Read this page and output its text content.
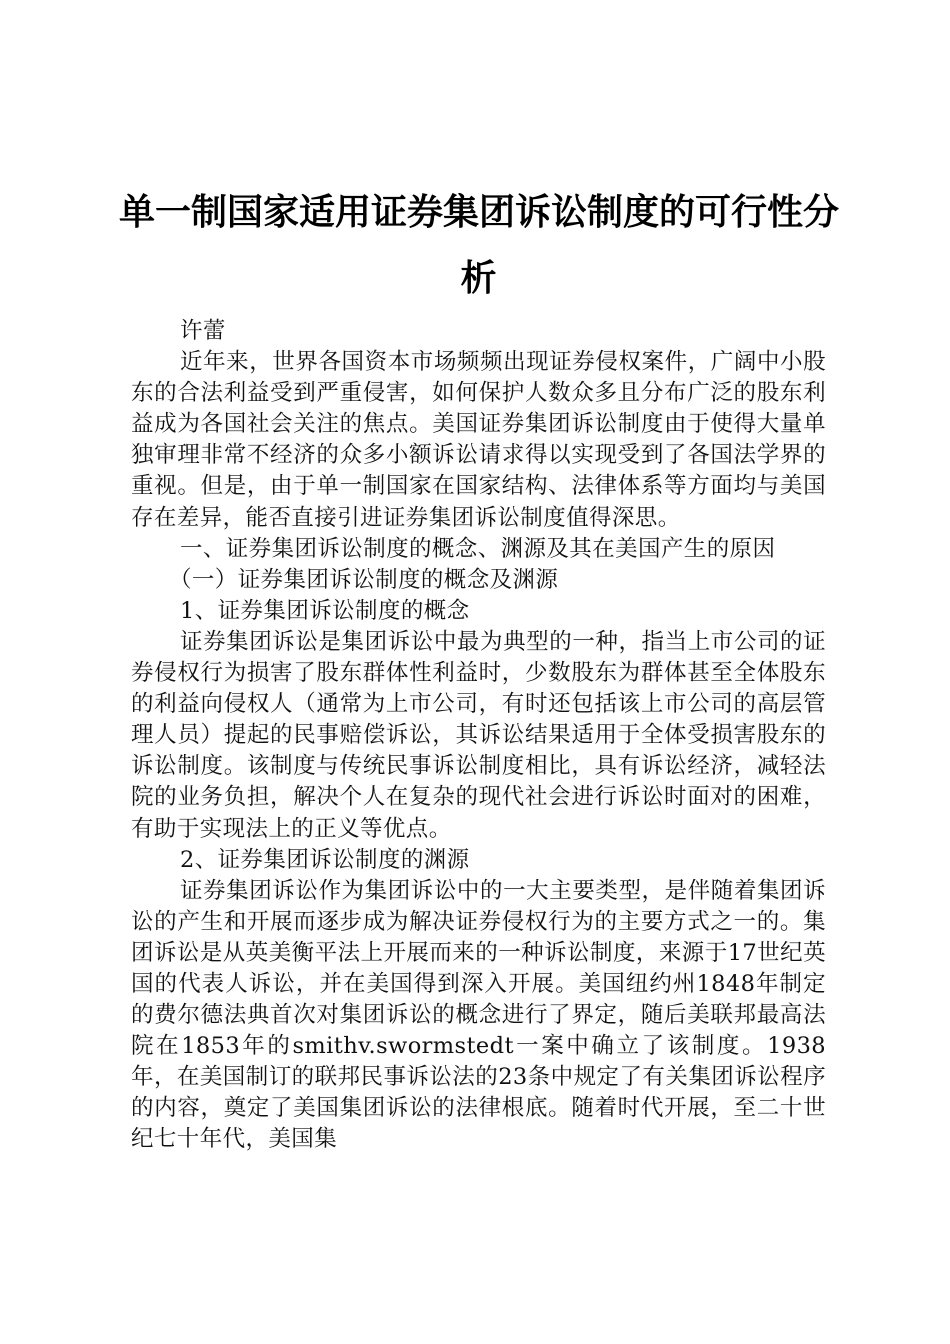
单一制国家适用证券集团诉讼制度的可行性分
析

许蕾

近年来，世界各国资本市场频频出现证券侵权案件，广阔中小股东的合法利益受到严重侵害，如何保护人数众多且分布广泛的股东利益成为各国社会关注的焦点。美国证券集团诉讼制度由于使得大量单独审理非常不经济的众多小额诉讼请求得以实现受到了各国法学界的重视。但是，由于单一制国家在国家结构、法律体系等方面均与美国存在差异，能否直接引进证券集团诉讼制度值得深思。

一、证券集团诉讼制度的概念、渊源及其在美国产生的原因

（一）证券集团诉讼制度的概念及渊源

1、证券集团诉讼制度的概念

证券集团诉讼是集团诉讼中最为典型的一种，指当上市公司的证券侵权行为损害了股东群体性利益时，少数股东为群体甚至全体股东的利益向侵权人（通常为上市公司，有时还包括该上市公司的高层管理人员）提起的民事赔偿诉讼，其诉讼结果适用于全体受损害股东的诉讼制度。该制度与传统民事诉讼制度相比，具有诉讼经济，减轻法院的业务负担，解决个人在复杂的现代社会进行诉讼时面对的困难，有助于实现法上的正义等优点。

2、证券集团诉讼制度的渊源

证券集团诉讼作为集团诉讼中的一大主要类型，是伴随着集团诉讼的产生和开展而逐步成为解决证券侵权行为的主要方式之一的。集团诉讼是从英美衡平法上开展而来的一种诉讼制度，来源于17世纪英国的代表人诉讼，并在美国得到深入开展。美国纽约州1848年制定的费尔德法典首次对集团诉讼的概念进行了界定，随后美联邦最高法院在1853年的smithv.swormstedt一案中确立了该制度。1938年，在美国制订的联邦民事诉讼法的23条中规定了有关集团诉讼程序的内容，奠定了美国集团诉讼的法律根底。随着时代开展，至二十世纪七十年代，美国集
